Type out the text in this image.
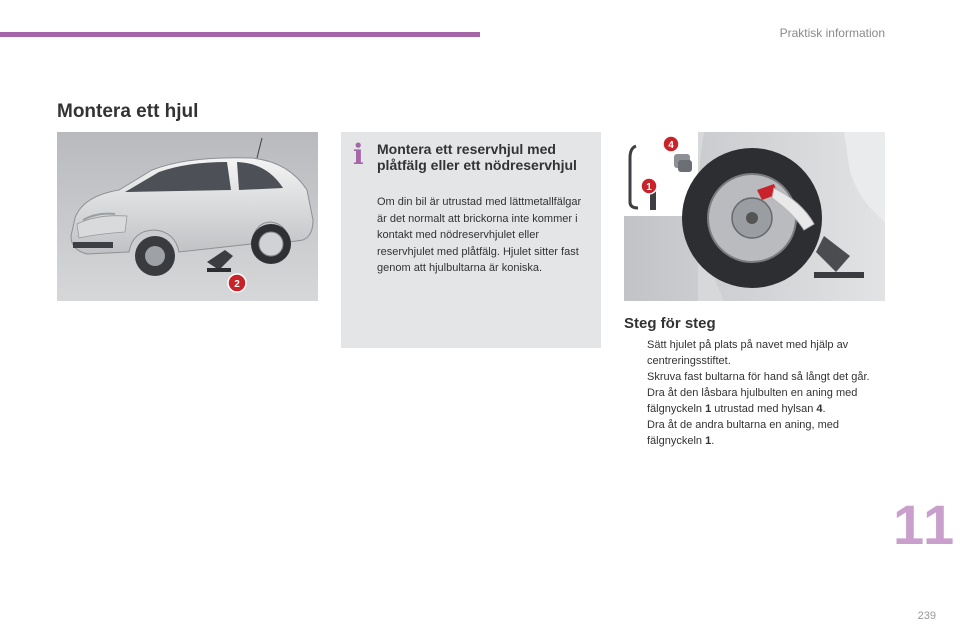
Praktisk information
Montera ett hjul
2
i Montera ett reservhjul med plåtfälg eller ett nödreservhjul

Om din bil är utrustad med lättmetallfälgar är det normalt att brickorna inte kommer i kontakt med nödreservhjulet eller reservhjulet med plåtfälg. Hjulet sitter fast genom att hjulbultarna är koniska.

4
1
Steg för steg
Sätt hjulet på plats på navet med hjälp av centreringsstiftet.
Skruva fast bultarna för hand så långt det går.
Dra åt den låsbara hjulbulten en aning med fälgnyckeln 1 utrustad med hylsan 4.
Dra åt de andra bultarna en aning, med fälgnyckeln 1.
11
239
